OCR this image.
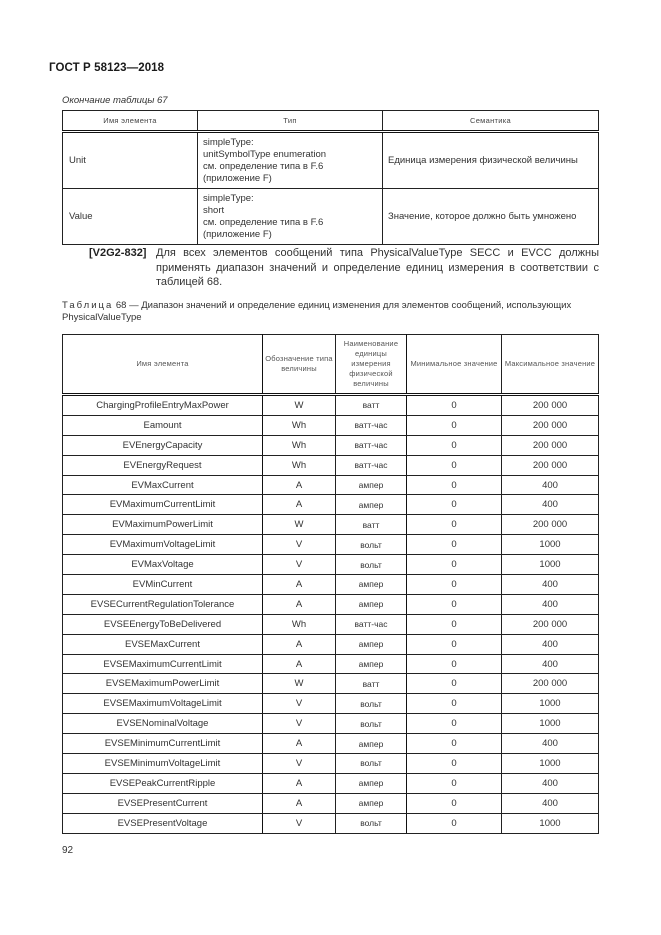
ГОСТ Р 58123—2018
Окончание таблицы 67
Имя элемента	Тип	Семантика
Unit	simpleType:
unitSymbolType enumeration
см. определение типа в F.6
(приложение F)	Единица измерения физической величины
Value	simpleType:
short
см. определение типа в F.6
(приложение F)	Значение, которое должно быть умножено
[V2G2-832] Для всех элементов сообщений типа PhysicalValueType SECC и EVCC должны применять диапазон значений и определение единиц измерения в соответствии с таблицей 68.
Таблица 68 — Диапазон значений и определение единиц изменения для элементов сообщений, использующих PhysicalValueType
Имя элемента	Обозначение типа величины	Наименование единицы измерения физической величины	Минимальное значение	Максимальное значение
ChargingProfileEntryMaxPower	W	ватт	0	200 000
Eamount	Wh	ватт-час	0	200 000
EVEnergyCapacity	Wh	ватт-час	0	200 000
EVEnergyRequest	Wh	ватт-час	0	200 000
EVMaxCurrent	A	ампер	0	400
EVMaximumCurrentLimit	A	ампер	0	400
EVMaximumPowerLimit	W	ватт	0	200 000
EVMaximumVoltageLimit	V	вольт	0	1000
EVMaxVoltage	V	вольт	0	1000
EVMinCurrent	A	ампер	0	400
EVSECurrentRegulationTolerance	A	ампер	0	400
EVSEEnergyToBeDelivered	Wh	ватт-час	0	200 000
EVSEMaxCurrent	A	ампер	0	400
EVSEMaximumCurrentLimit	A	ампер	0	400
EVSEMaximumPowerLimit	W	ватт	0	200 000
EVSEMaximumVoltageLimit	V	вольт	0	1000
EVSENominalVoltage	V	вольт	0	1000
EVSEMinimumCurrentLimit	A	ампер	0	400
EVSEMinimumVoltageLimit	V	вольт	0	1000
EVSEPeakCurrentRipple	A	ампер	0	400
EVSEPresentCurrent	A	ампер	0	400
EVSEPresentVoltage	V	вольт	0	1000
92
